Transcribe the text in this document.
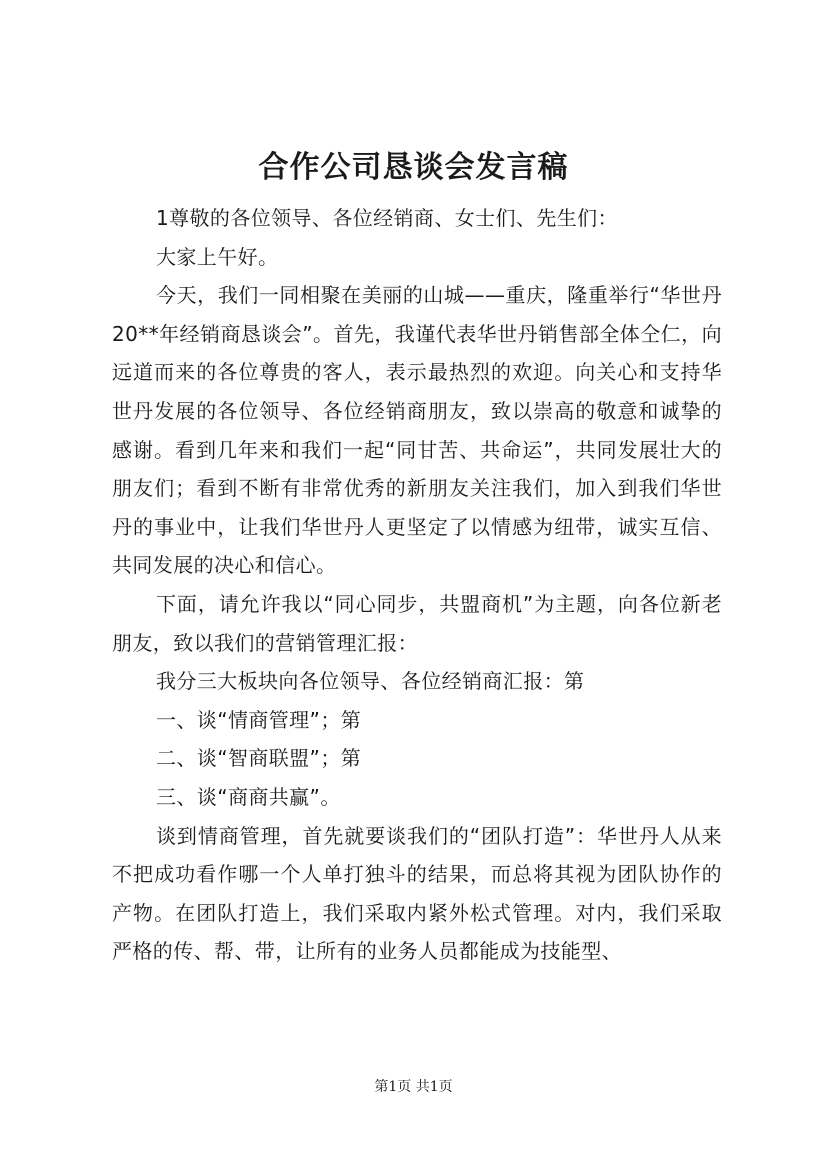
合作公司恳谈会发言稿

1尊敬的各位领导、各位经销商、女士们、先生们：

大家上午好。

今天，我们一同相聚在美丽的山城——重庆，隆重举行“华世丹20**年经销商恳谈会”。首先，我谨代表华世丹销售部全体仝仁，向远道而来的各位尊贵的客人，表示最热烈的欢迎。向关心和支持华世丹发展的各位领导、各位经销商朋友，致以崇高的敬意和诚挚的感谢。看到几年来和我们一起“同甘苦、共命运”，共同发展壮大的朋友们；看到不断有非常优秀的新朋友关注我们，加入到我们华世丹的事业中，让我们华世丹人更坚定了以情感为纽带，诚实互信、共同发展的决心和信心。

下面，请允许我以“同心同步，共盟商机”为主题，向各位新老朋友，致以我们的营销管理汇报：

我分三大板块向各位领导、各位经销商汇报：第

一、谈“情商管理”；第

二、谈“智商联盟”；第

三、谈“商商共赢”。

谈到情商管理，首先就要谈我们的“团队打造”：华世丹人从来不把成功看作哪一个人单打独斗的结果，而总将其视为团队协作的产物。在团队打造上，我们采取内紧外松式管理。对内，我们采取严格的传、帮、带，让所有的业务人员都能成为技能型、

第1页 共1页
